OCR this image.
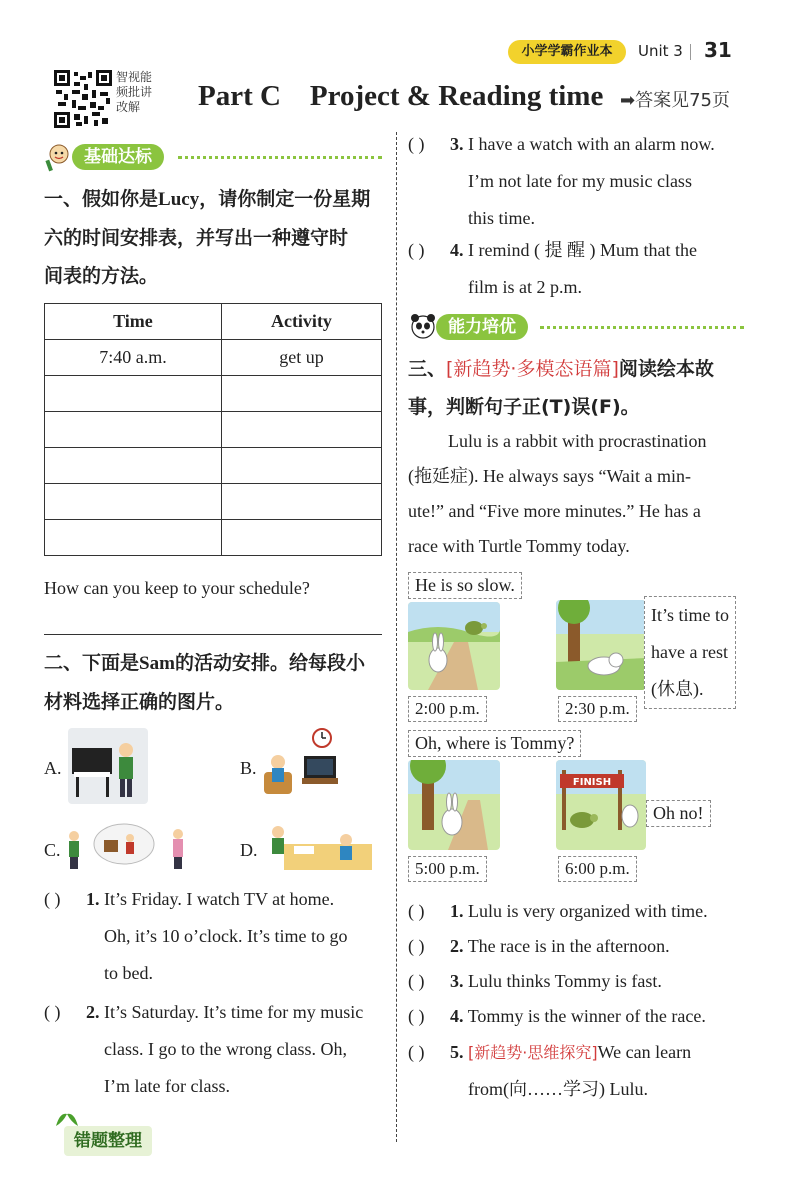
小学学霸作业本	Unit 3 31
智视能频批讲改解	Part C    Project & Reading time ➡答案见75页
基础达标
一、假如你是Lucy，请你制定一份星期
六的时间安排表，并写出一种遵守时
间表的方法。
Time	Activity
7:40 a.m.	get up

How can you keep to your schedule?
二、下面是Sam的活动安排。给每段小
材料选择正确的图片。
A.	B.
C.	D.
( ) 1. It’s Friday. I watch TV at home.
Oh, it’s 10 o’clock. It’s time to go
to bed.
( ) 2. It’s Saturday. It’s time for my music
class. I go to the wrong class. Oh,
I’m late for class.
错题整理
( ) 3. I have a watch with an alarm now.
I’m not late for my music class
this time.
( ) 4. I remind ( 提 醒 ) Mum that the
film is at 2 p.m.
能力培优
三、[新趋势·多模态语篇]阅读绘本故
事，判断句子正(T)误(F)。
Lulu is a rabbit with procrastination
(拖延症). He always says “Wait a min-
ute!” and “Five more minutes.” He has a
race with Turtle Tommy today.
He is so slow.
2:00 p.m.
It’s time to
have a rest
(休息).
2:30 p.m.
Oh, where is Tommy?
5:00 p.m.
FINISH
Oh no!
6:00 p.m.
( ) 1. Lulu is very organized with time.
( ) 2. The race is in the afternoon.
( ) 3. Lulu thinks Tommy is fast.
( ) 4. Tommy is the winner of the race.
( ) 5. [新趋势·思维探究]We can learn
from(向……学习) Lulu.
